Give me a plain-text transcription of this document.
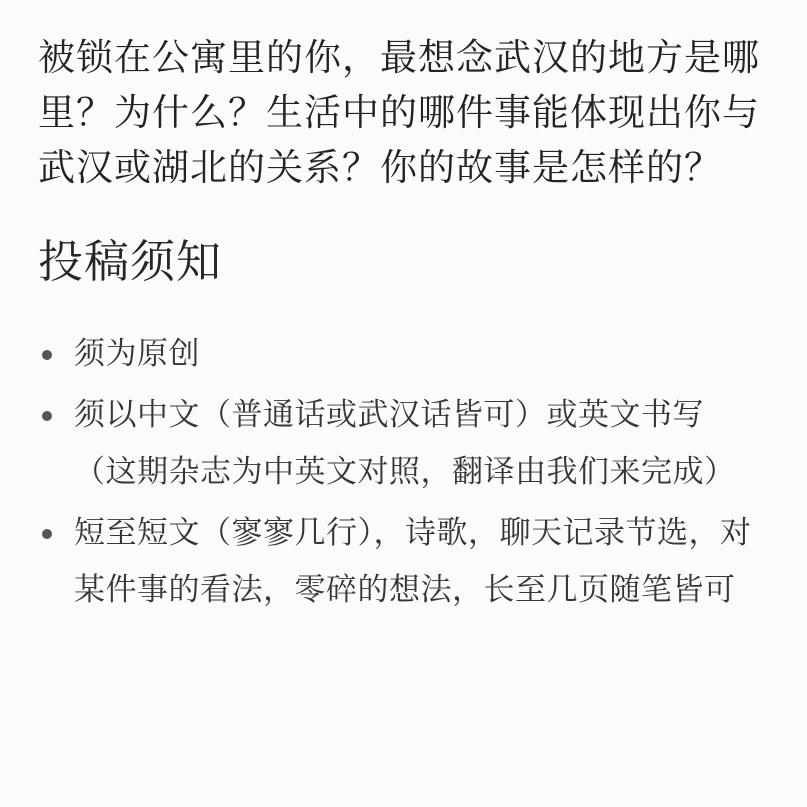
被锁在公寓里的你，最想念武汉的地方是哪里？为什么？生活中的哪件事能体现出你与武汉或湖北的关系？你的故事是怎样的？

投稿须知
须为原创
须以中文（普通话或武汉话皆可）或英文书写 （这期杂志为中英文对照，翻译由我们来完成）
短至短文（寥寥几行），诗歌，聊天记录节选，对某件事的看法，零碎的想法，长至几页随笔皆可
